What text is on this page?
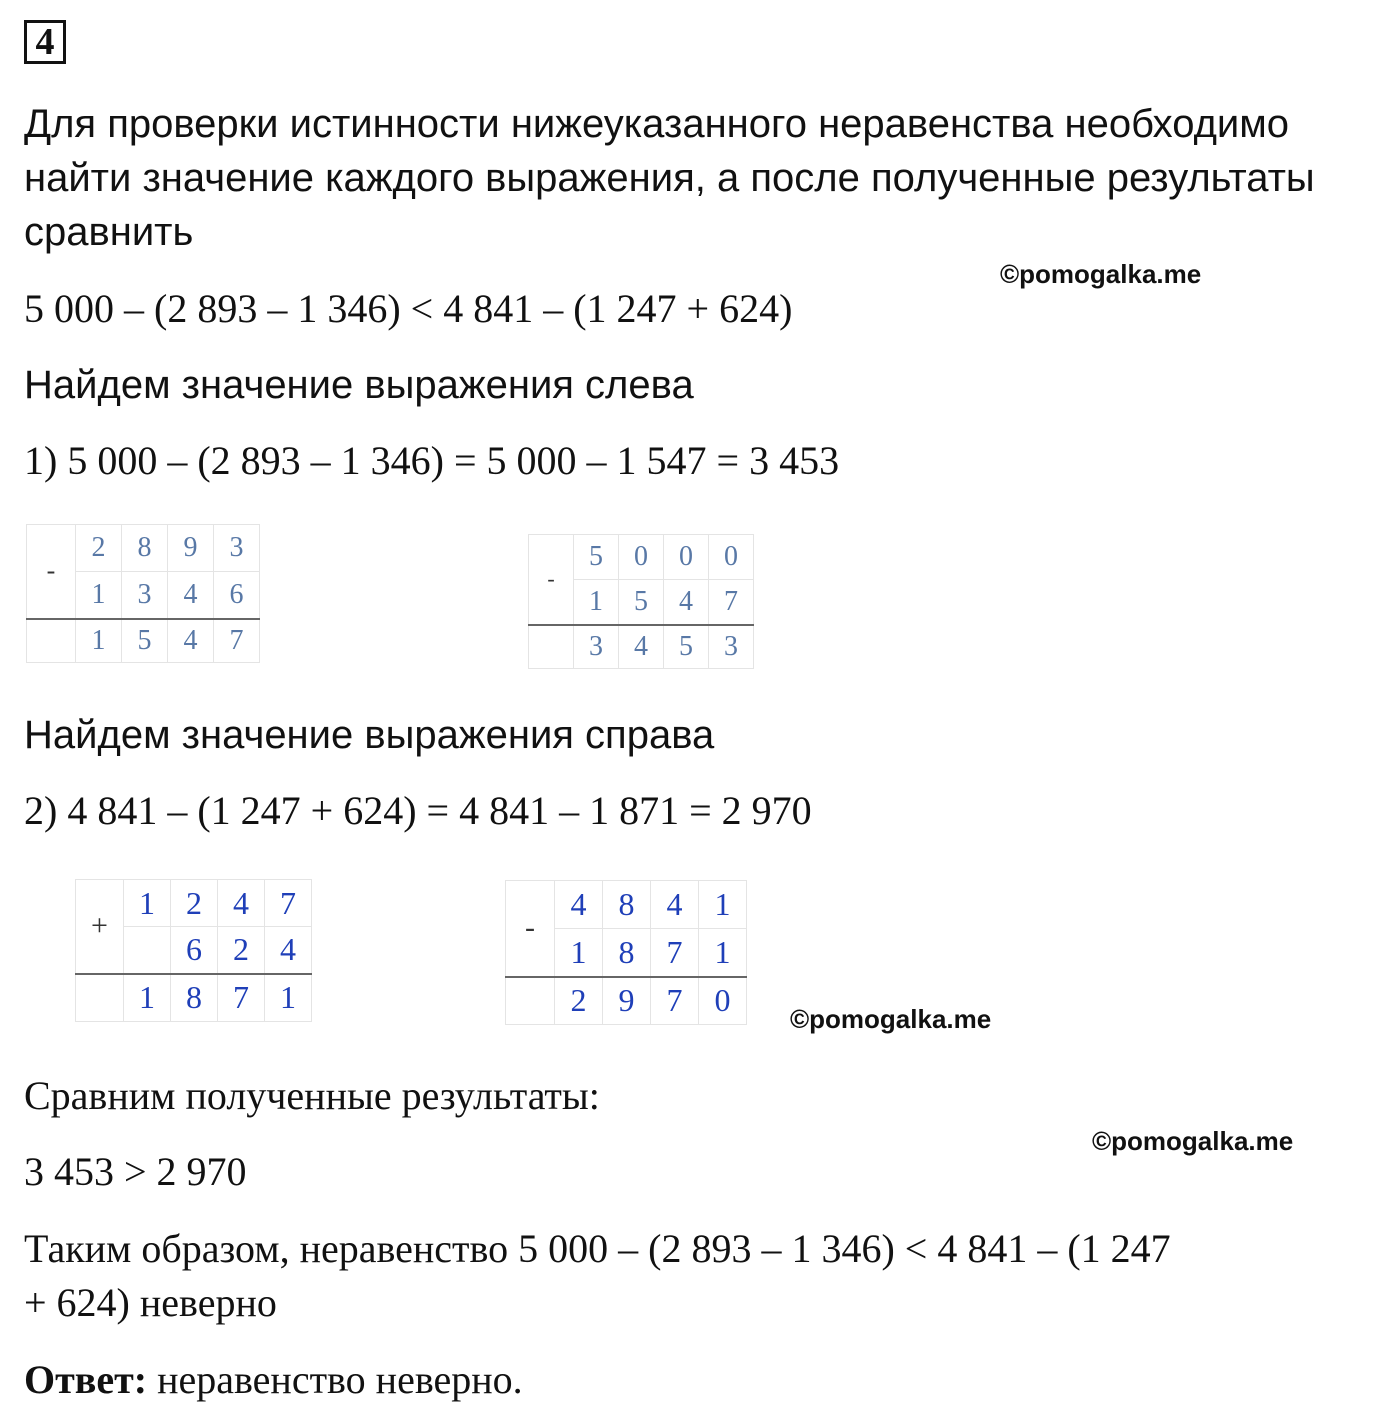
4
Для проверки истинности нижеуказанного неравенства необходимо
найти значение каждого выражения, а после полученные результаты
сравнить
©pomogalka.me
5 000 – (2 893 – 1 346) < 4 841 – (1 247 + 624)
Найдем значение выражения слева
1) 5 000 – (2 893 – 1 346) = 5 000 – 1 547 = 3 453
-	2	8	9	3
	1	3	4	6
	1	5	4	7
-	5	0	0	0
	1	5	4	7
	3	4	5	3
Найдем значение выражения справа
2) 4 841 – (1 247 + 624) = 4 841 – 1 871 = 2 970
+	1	2	4	7
		6	2	4
	1	8	7	1
-	4	8	4	1
	1	8	7	1
	2	9	7	0
©pomogalka.me
Сравним полученные результаты:
©pomogalka.me
3 453 > 2 970
Таким образом, неравенство 5 000 – (2 893 – 1 346) < 4 841 – (1 247
+ 624) неверно
Ответ: неравенство неверно.
